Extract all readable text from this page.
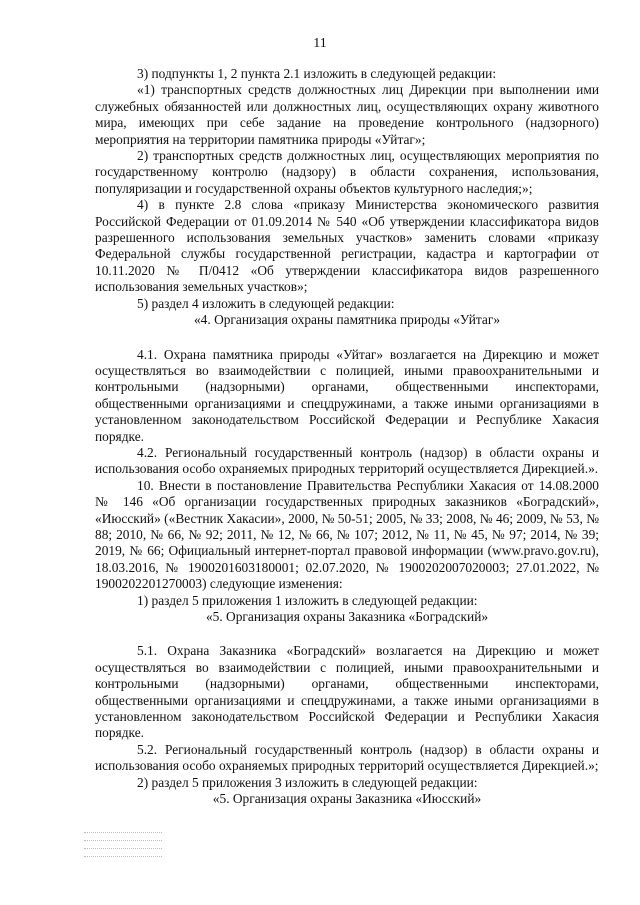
11

3) подпункты 1, 2 пункта 2.1 изложить в следующей редакции:

«1) транспортных средств должностных лиц Дирекции при выполнении ими служебных обязанностей или должностных лиц, осуществляющих охрану животного мира, имеющих при себе задание на проведение контрольного (надзорного) мероприятия на территории памятника природы «Уйтаг»;

2) транспортных средств должностных лиц, осуществляющих мероприятия по государственному контролю (надзору) в области сохранения, использования, популяризации и государственной охраны объектов культурного наследия;»;

4) в пункте 2.8 слова «приказу Министерства экономического развития Российской Федерации от 01.09.2014 № 540 «Об утверждении классификатора видов разрешенного использования земельных участков» заменить словами «приказу Федеральной службы государственной регистрации, кадастра и картографии от 10.11.2020 № П/0412 «Об утверждении классификатора видов разрешенного использования земельных участков»;

5) раздел 4 изложить в следующей редакции:

«4. Организация охраны памятника природы «Уйтаг»

4.1. Охрана памятника природы «Уйтаг» возлагается на Дирекцию и может осуществляться во взаимодействии с полицией, иными правоохранительными и контрольными (надзорными) органами, общественными инспекторами, общественными организациями и спецдружинами, а также иными организациями в установленном законодательством Российской Федерации и Республике Хакасия порядке.

4.2. Региональный государственный контроль (надзор) в области охраны и использования особо охраняемых природных территорий осуществляется Дирекцией.».

10. Внести в постановление Правительства Республики Хакасия от 14.08.2000 № 146 «Об организации государственных природных заказников «Боградский», «Июсский» («Вестник Хакасии», 2000, № 50-51; 2005, № 33; 2008, № 46; 2009, № 53, № 88; 2010, № 66, № 92; 2011, № 12, № 66, № 107; 2012, № 11, № 45, № 97; 2014, № 39; 2019, № 66; Официальный интернет-портал правовой информации (www.pravo.gov.ru), 18.03.2016, № 1900201603180001; 02.07.2020, № 1900202007020003; 27.01.2022, № 1900202201270003) следующие изменения:

1) раздел 5 приложения 1 изложить в следующей редакции:

«5. Организация охраны Заказника «Боградский»

5.1. Охрана Заказника «Боградский» возлагается на Дирекцию и может осуществляться во взаимодействии с полицией, иными правоохранительными и контрольными (надзорными) органами, общественными инспекторами, общественными организациями и спецдружинами, а также иными организациями в установленном законодательством Российской Федерации и Республики Хакасия порядке.

5.2. Региональный государственный контроль (надзор) в области охраны и использования особо охраняемых природных территорий осуществляется Дирекцией.»;

2) раздел 5 приложения 3 изложить в следующей редакции:

«5. Организация охраны Заказника «Июсский»
